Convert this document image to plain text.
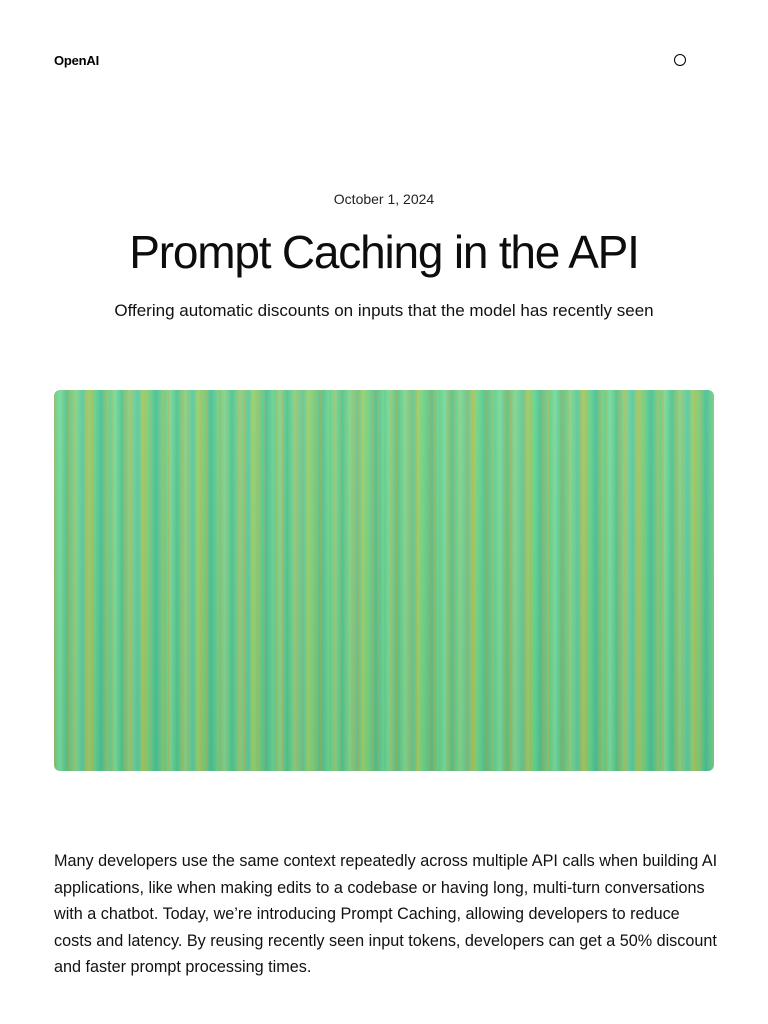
OpenAI

October 1, 2024

Prompt Caching in the API

Offering automatic discounts on inputs that the model has recently seen

Many developers use the same context repeatedly across multiple API calls when building AI applications, like when making edits to a codebase or having long, multi-turn conversations with a chatbot. Today, we’re introducing Prompt Caching, allowing developers to reduce costs and latency. By reusing recently seen input tokens, developers can get a 50% discount and faster prompt processing times.
